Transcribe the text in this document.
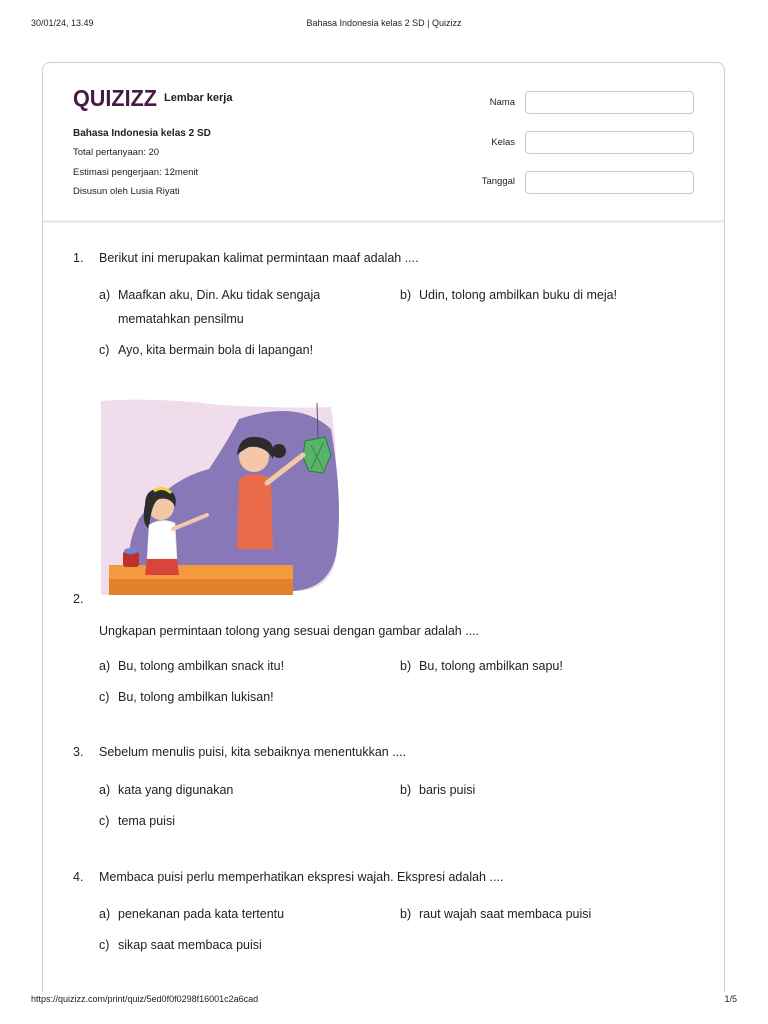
30/01/24, 13.49	Bahasa Indonesia kelas 2 SD | Quizizz
QUIZIZZ Lembar kerja
Bahasa Indonesia kelas 2 SD
Total pertanyaan: 20
Estimasi pengerjaan: 12menit
Disusun oleh Lusia Riyati
Nama
Kelas
Tanggal
1. Berikut ini merupakan kalimat permintaan maaf adalah ....
a) Maafkan aku, Din. Aku tidak sengaja
mematahkan pensilmu
b) Udin, tolong ambilkan buku di meja!
c) Ayo, kita bermain bola di lapangan!
2.
Ungkapan permintaan tolong yang sesuai dengan gambar adalah ....
a) Bu, tolong ambilkan snack itu!	b) Bu, tolong ambilkan sapu!
c) Bu, tolong ambilkan lukisan!
3. Sebelum menulis puisi, kita sebaiknya menentukkan ....
a) kata yang digunakan	b) baris puisi
c) tema puisi
4. Membaca puisi perlu memperhatikan ekspresi wajah. Ekspresi adalah ....
a) penekanan pada kata tertentu	b) raut wajah saat membaca puisi
c) sikap saat membaca puisi
https://quizizz.com/print/quiz/5ed0f0f0298f16001c2a6cad	1/5
